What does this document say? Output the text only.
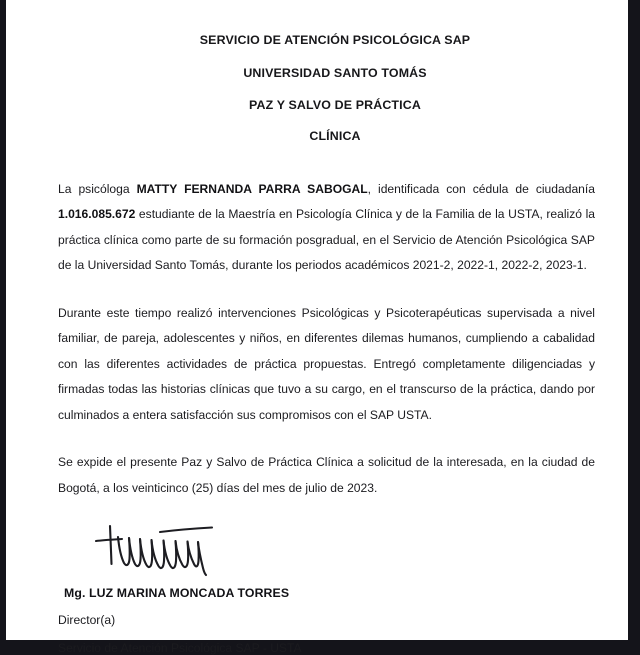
SERVICIO DE ATENCIÓN PSICOLÓGICA SAP
UNIVERSIDAD SANTO TOMÁS
PAZ Y SALVO DE PRÁCTICA
CLÍNICA

La psicóloga MATTY FERNANDA PARRA SABOGAL, identificada con cédula de ciudadanía 1.016.085.672 estudiante de la Maestría en Psicología Clínica y de la Familia de la USTA, realizó la práctica clínica como parte de su formación posgradual, en el Servicio de Atención Psicológica SAP de la Universidad Santo Tomás, durante los periodos académicos 2021-2, 2022-1, 2022-2, 2023-1.

Durante este tiempo realizó intervenciones Psicológicas y Psicoterapéuticas supervisada a nivel familiar, de pareja, adolescentes y niños, en diferentes dilemas humanos, cumpliendo a cabalidad con las diferentes actividades de práctica propuestas. Entregó completamente diligenciadas y firmadas todas las historias clínicas que tuvo a su cargo, en el transcurso de la práctica, dando por culminados a entera satisfacción sus compromisos con el SAP USTA.

Se expide el presente Paz y Salvo de Práctica Clínica a solicitud de la interesada, en la ciudad de Bogotá, a los veinticinco (25) días del mes de julio de 2023.

Mg. LUZ MARINA MONCADA TORRES
Director(a)
Servicio de Atención Psicológica SAP - USTA
